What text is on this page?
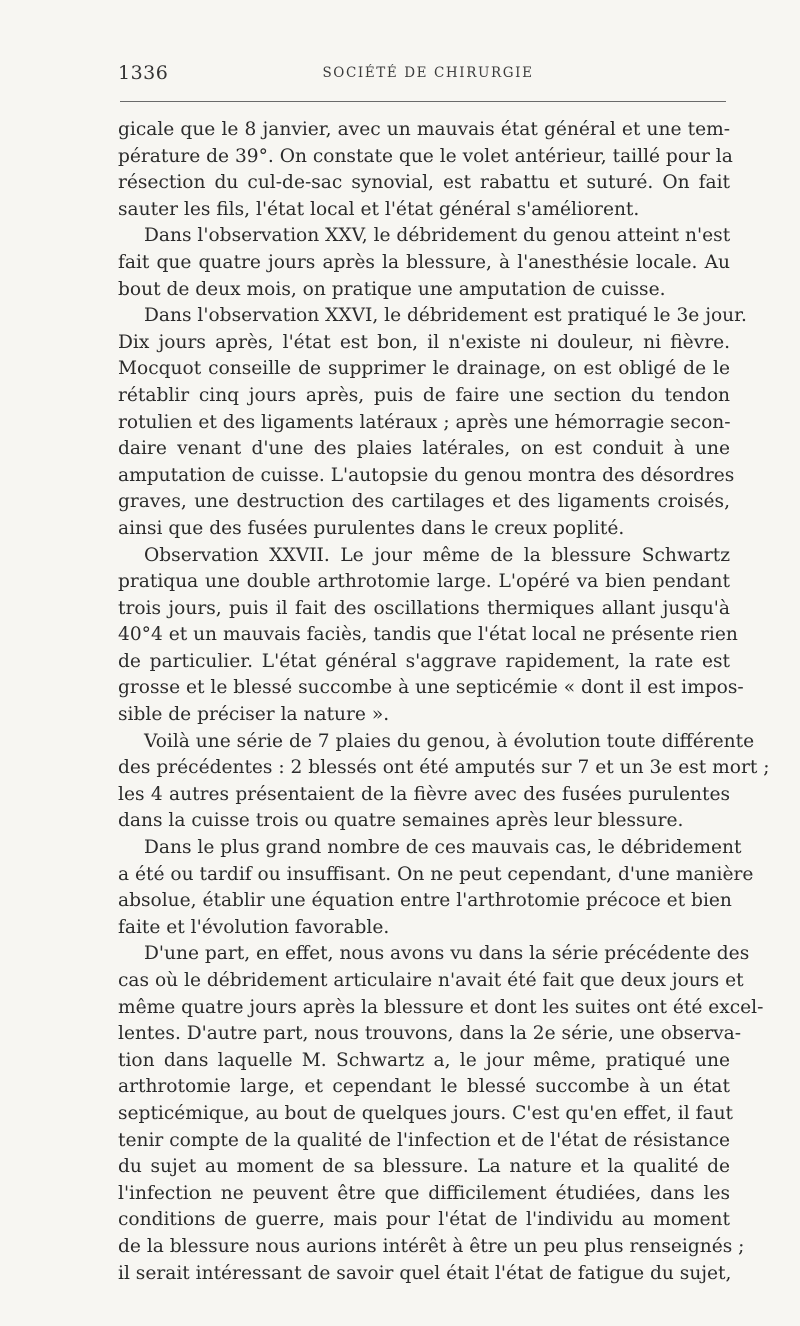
1336	SOCIÉTÉ DE CHIRURGIE

gicale que le 8 janvier, avec un mauvais état général et une tem-
pérature de 39°. On constate que le volet antérieur, taillé pour la
résection du cul-de-sac synovial, est rabattu et suturé. On fait
sauter les fils, l'état local et l'état général s'améliorent.

Dans l'observation XXV, le débridement du genou atteint n'est
fait que quatre jours après la blessure, à l'anesthésie locale. Au
bout de deux mois, on pratique une amputation de cuisse.

Dans l'observation XXVI, le débridement est pratiqué le 3e jour.
Dix jours après, l'état est bon, il n'existe ni douleur, ni fièvre.
Mocquot conseille de supprimer le drainage, on est obligé de le
rétablir cinq jours après, puis de faire une section du tendon
rotulien et des ligaments latéraux ; après une hémorragie secon-
daire venant d'une des plaies latérales, on est conduit à une
amputation de cuisse. L'autopsie du genou montra des désordres
graves, une destruction des cartilages et des ligaments croisés,
ainsi que des fusées purulentes dans le creux poplité.

Observation XXVII. Le jour même de la blessure Schwartz
pratiqua une double arthrotomie large. L'opéré va bien pendant
trois jours, puis il fait des oscillations thermiques allant jusqu'à
40°4 et un mauvais faciès, tandis que l'état local ne présente rien
de particulier. L'état général s'aggrave rapidement, la rate est
grosse et le blessé succombe à une septicémie « dont il est impos-
sible de préciser la nature ».

Voilà une série de 7 plaies du genou, à évolution toute différente
des précédentes : 2 blessés ont été amputés sur 7 et un 3e est mort ;
les 4 autres présentaient de la fièvre avec des fusées purulentes
dans la cuisse trois ou quatre semaines après leur blessure.

Dans le plus grand nombre de ces mauvais cas, le débridement
a été ou tardif ou insuffisant. On ne peut cependant, d'une manière
absolue, établir une équation entre l'arthrotomie précoce et bien
faite et l'évolution favorable.

D'une part, en effet, nous avons vu dans la série précédente des
cas où le débridement articulaire n'avait été fait que deux jours et
même quatre jours après la blessure et dont les suites ont été excel-
lentes. D'autre part, nous trouvons, dans la 2e série, une observa-
tion dans laquelle M. Schwartz a, le jour même, pratiqué une
arthrotomie large, et cependant le blessé succombe à un état
septicémique, au bout de quelques jours. C'est qu'en effet, il faut
tenir compte de la qualité de l'infection et de l'état de résistance
du sujet au moment de sa blessure. La nature et la qualité de
l'infection ne peuvent être que difficilement étudiées, dans les
conditions de guerre, mais pour l'état de l'individu au moment
de la blessure nous aurions intérêt à être un peu plus renseignés ;
il serait intéressant de savoir quel était l'état de fatigue du sujet,
